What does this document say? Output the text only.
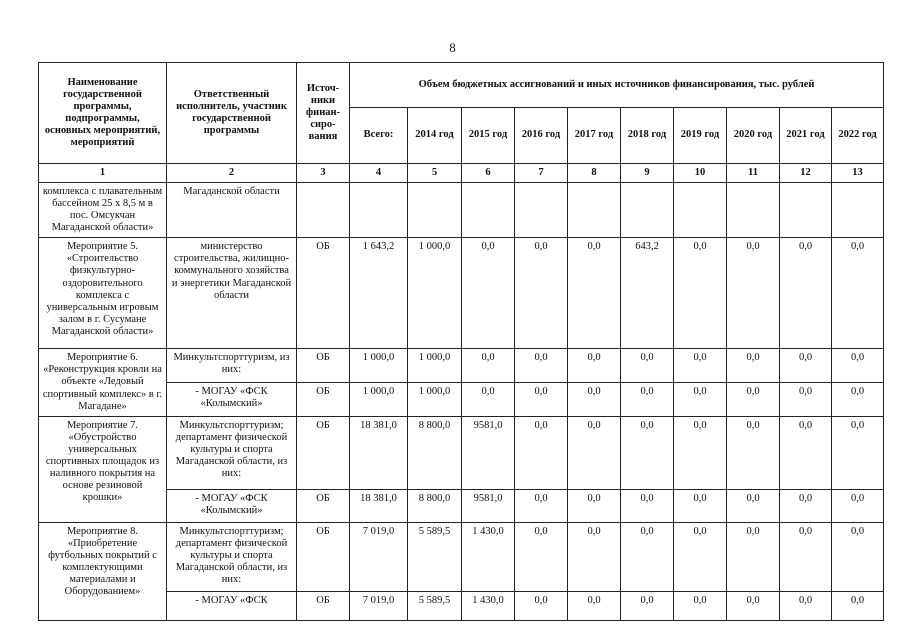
8
Наименование государственной программы, подпрограммы, основных мероприятий, мероприятий	Ответственный исполнитель, участник государственной программы	Источ-ники финан-сиро-вания	Объем бюджетных ассигнований и иных источников финансирования, тыс. рублей									
			Всего:	2014 год	2015 год	2016 год	2017 год	2018 год	2019 год	2020 год	2021 год	2022 год
1	2	3	4	5	6	7	8	9	10	11	12	13
комплекса с плавательным бассейном 25 х 8,5 м в пос. Омсукчан Магаданской области»	Магаданской области											
Мероприятие 5. «Строительство физкультурно-оздоровительного комплекса с универсальным игровым залом в г. Сусумане Магаданской области»	министерство строительства, жилищно-коммунального хозяйства и энергетики Магаданской области	ОБ	1 643,2	1 000,0	0,0	0,0	0,0	643,2	0,0	0,0	0,0	0,0
Мероприятие 6. «Реконструкция кровли на объекте «Ледовый спортивный комплекс» в г. Магадане»	Минкультспорттуризм, из них:	ОБ	1 000,0	1 000,0	0,0	0,0	0,0	0,0	0,0	0,0	0,0	0,0
	- МОГАУ «ФСК «Колымский»	ОБ	1 000,0	1 000,0	0,0	0,0	0,0	0,0	0,0	0,0	0,0	0,0
Мероприятие 7. «Обустройство универсальных спортивных площадок из наливного покрытия на основе резиновой крошки»	Минкультспорттуризм; департамент физической культуры и спорта Магаданской области, из них:	ОБ	18 381,0	8 800,0	9581,0	0,0	0,0	0,0	0,0	0,0	0,0	0,0
	- МОГАУ «ФСК «Колымский»	ОБ	18 381,0	8 800,0	9581,0	0,0	0,0	0,0	0,0	0,0	0,0	0,0
Мероприятие 8. «Приобретение футбольных покрытий с комплектующими материалами и Оборудованием»	Минкультспорттуризм; департамент физической культуры и спорта Магаданской области, из них:	ОБ	7 019,0	5 589,5	1 430,0	0,0	0,0	0,0	0,0	0,0	0,0	0,0
	- МОГАУ «ФСК	ОБ	7 019,0	5 589,5	1 430,0	0,0	0,0	0,0	0,0	0,0	0,0	0,0
